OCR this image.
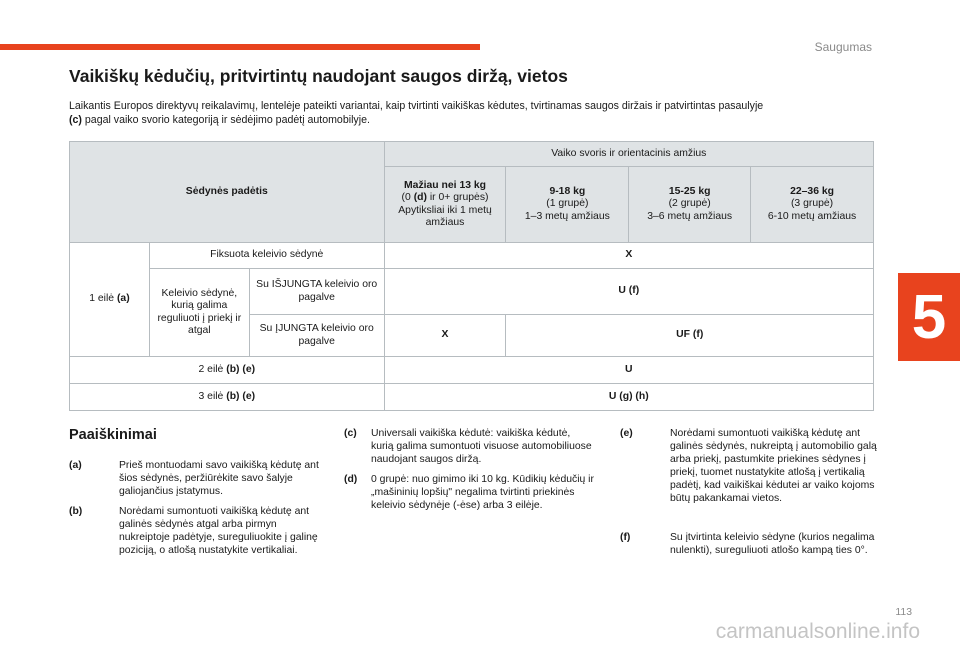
Saugumas
5
Vaikiškų kėdučių, pritvirtintų naudojant saugos diržą, vietos

Laikantis Europos direktyvų reikalavimų, lentelėje pateikti variantai, kaip tvirtinti vaikiškas kėdutes, tvirtinamas saugos diržais ir patvirtintas pasaulyje
(c) pagal vaiko svorio kategoriją ir sėdėjimo padėtį automobilyje.

Sėdynės padėtis			Vaiko svoris ir orientacinis amžius			
			Mažiau nei 13 kg
(0 (d) ir 0+ grupės)
Apytiksliai iki 1 metų amžiaus	9-18 kg
(1 grupė)
1–3 metų amžiaus	15-25 kg
(2 grupė)
3–6 metų amžiaus	22–36 kg
(3 grupė)
6-10 metų amžiaus
1 eilė (a)	Fiksuota keleivio sėdynė		X			
	Keleivio sėdynė, kurią galima reguliuoti į priekį ir atgal	Su IŠJUNGTA keleivio oro pagalve	U (f)			
		Su ĮJUNGTA keleivio oro pagalve	X	UF (f)		
2 eilė (b) (e)			U			
3 eilė (b) (e)			U (g) (h)			
Paaiškinimai
(a)	Prieš montuodami savo vaikišką kėdutę ant šios sėdynės, peržiūrėkite savo šalyje galiojančius įstatymus.
(b)	Norėdami sumontuoti vaikišką kėdutę ant galinės sėdynės atgal arba pirmyn nukreiptoje padėtyje, sureguliuokite į galinę poziciją, o atlošą nustatykite vertikaliai.
(c)	Universali vaikiška kėdutė: vaikiška kėdutė, kurią galima sumontuoti visuose automobiliuose naudojant saugos diržą.
(d)	0 grupė: nuo gimimo iki 10 kg. Kūdikių kėdučių ir „mašininių lopšių" negalima tvirtinti priekinės keleivio sėdynėje (-ėse) arba 3 eilėje.
(e)	Norėdami sumontuoti vaikišką kėdutę ant galinės sėdynės, nukreiptą į automobilio galą arba priekį, pastumkite priekines sėdynes į priekį, tuomet nustatykite atlošą į vertikalią padėtį, kad vaikiškai kėdutei ar vaiko kojoms būtų pakankamai vietos.
(f)	Su įtvirtinta keleivio sėdyne (kurios negalima nulenkti), sureguliuoti atlošo kampą ties 0°.
113
carmanualsonline.info
